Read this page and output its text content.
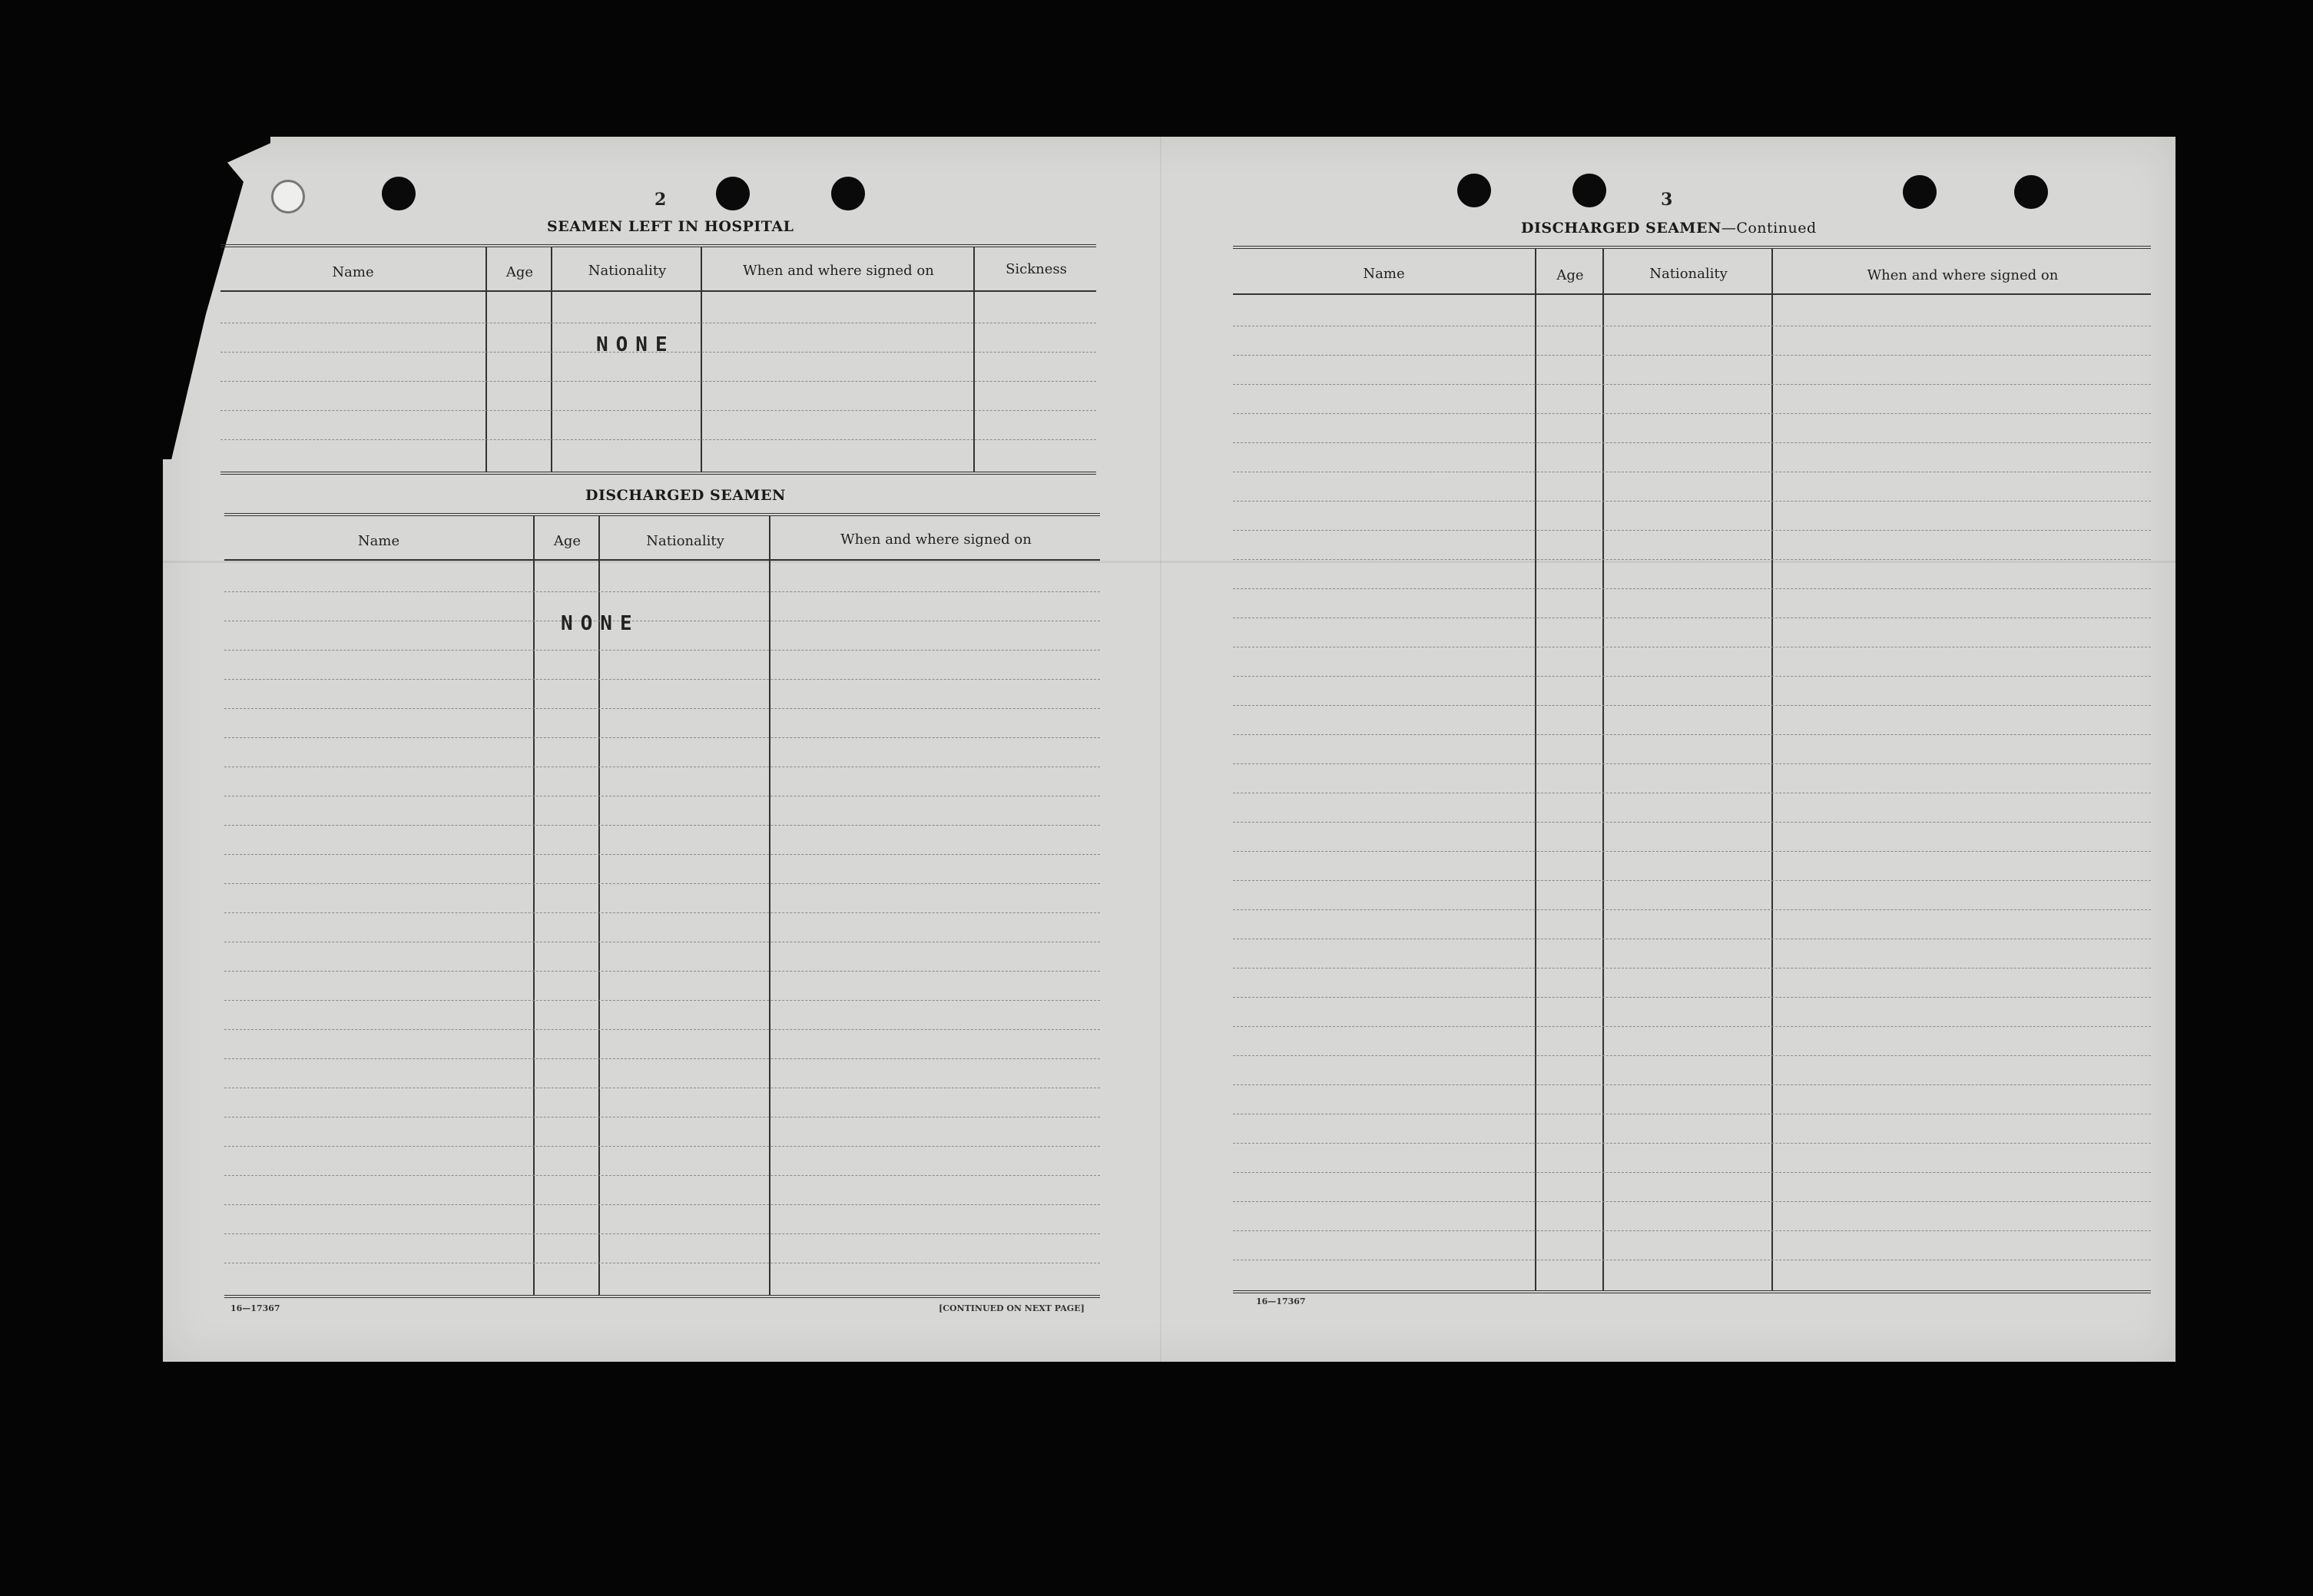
2
SEAMEN LEFT IN HOSPITAL
Name	Age	Nationality	When and where signed on	Sickness
NONE
DISCHARGED SEAMEN
Name	Age	Nationality	When and where signed on
NONE
16—17367	[CONTINUED ON NEXT PAGE]
3
DISCHARGED SEAMEN—Continued
Name	Age	Nationality	When and where signed on
16—17367
